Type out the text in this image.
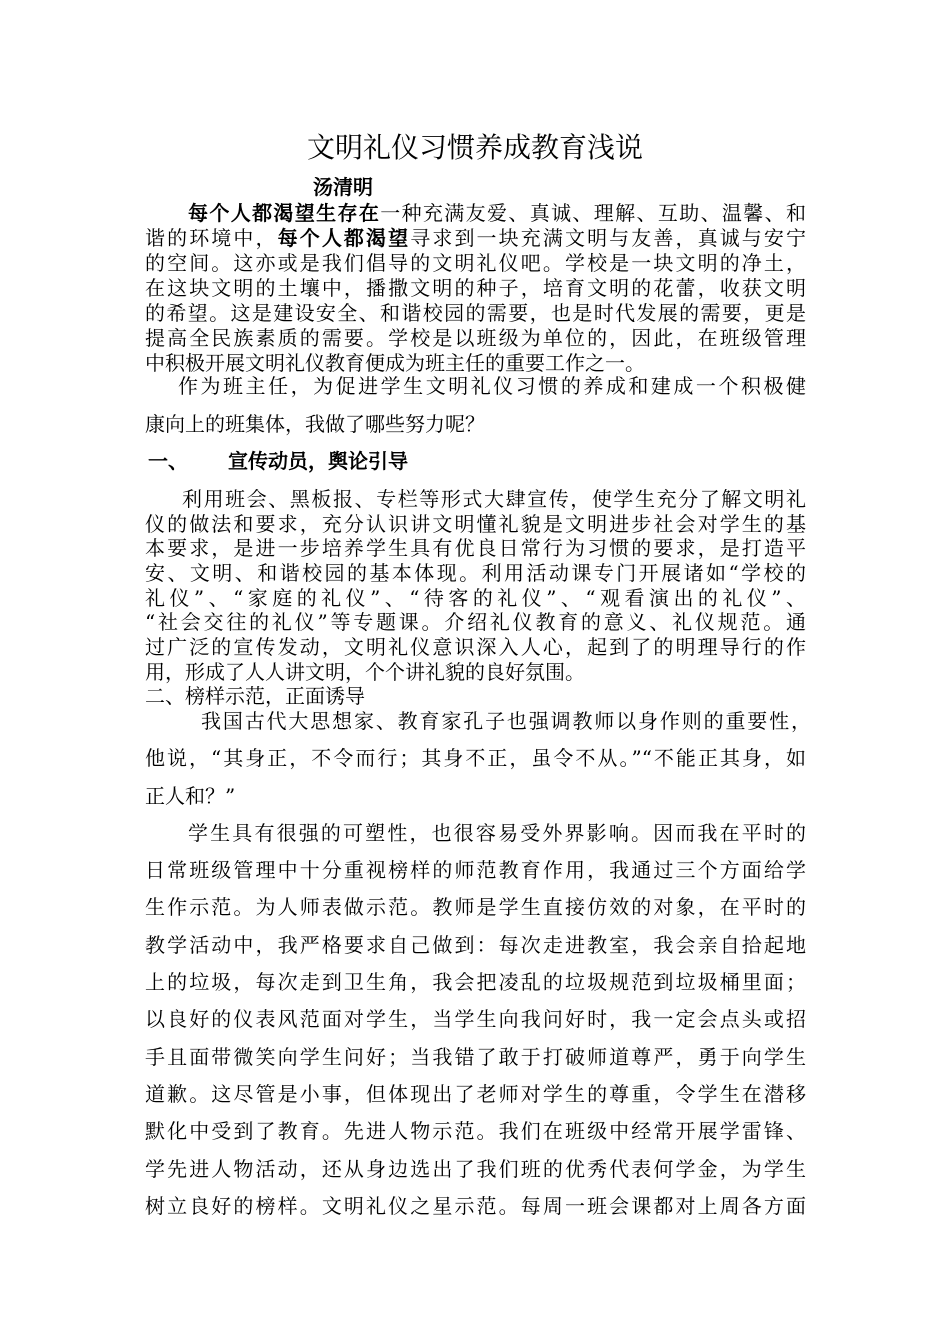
文明礼仪习惯养成教育浅说
汤清明
每个人都渴望生存在一种充满友爱、真诚、理解、互助、温馨、和
谐的环境中，每个人都渴望寻求到一块充满文明与友善，真诚与安宁
的空间。这亦或是我们倡导的文明礼仪吧。学校是一块文明的净土，
在这块文明的土壤中，播撒文明的种子，培育文明的花蕾，收获文明
的希望。这是建设安全、和谐校园的需要，也是时代发展的需要，更是
提高全民族素质的需要。学校是以班级为单位的，因此，在班级管理
中积极开展文明礼仪教育便成为班主任的重要工作之一。
作为班主任，为促进学生文明礼仪习惯的养成和建成一个积极健
康向上的班集体，我做了哪些努力呢？
一、 宣传动员，舆论引导
利用班会、黑板报、专栏等形式大肆宣传，使学生充分了解文明礼
仪的做法和要求，充分认识讲文明懂礼貌是文明进步社会对学生的基
本要求，是进一步培养学生具有优良日常行为习惯的要求，是打造平
安、文明、和谐校园的基本体现。利用活动课专门开展诸如“学校的
礼仪”、“家庭的礼仪”、“待客的礼仪”、“观看演出的礼仪”、
“社会交往的礼仪”等专题课。介绍礼仪教育的意义、礼仪规范。通
过广泛的宣传发动，文明礼仪意识深入人心，起到了的明理导行的作
用，形成了人人讲文明，个个讲礼貌的良好氛围。
二、榜样示范，正面诱导
我国古代大思想家、教育家孔子也强调教师以身作则的重要性，
他说，“其身正，不令而行；其身不正，虽令不从。”“不能正其身，如
正人和？”
学生具有很强的可塑性，也很容易受外界影响。因而我在平时的
日常班级管理中十分重视榜样的师范教育作用，我通过三个方面给学
生作示范。为人师表做示范。教师是学生直接仿效的对象，在平时的
教学活动中，我严格要求自己做到：每次走进教室，我会亲自拾起地
上的垃圾，每次走到卫生角，我会把凌乱的垃圾规范到垃圾桶里面；
以良好的仪表风范面对学生，当学生向我问好时，我一定会点头或招
手且面带微笑向学生问好；当我错了敢于打破师道尊严，勇于向学生
道歉。这尽管是小事，但体现出了老师对学生的尊重，令学生在潜移
默化中受到了教育。先进人物示范。我们在班级中经常开展学雷锋、
学先进人物活动，还从身边选出了我们班的优秀代表何学金，为学生
树立良好的榜样。文明礼仪之星示范。每周一班会课都对上周各方面
